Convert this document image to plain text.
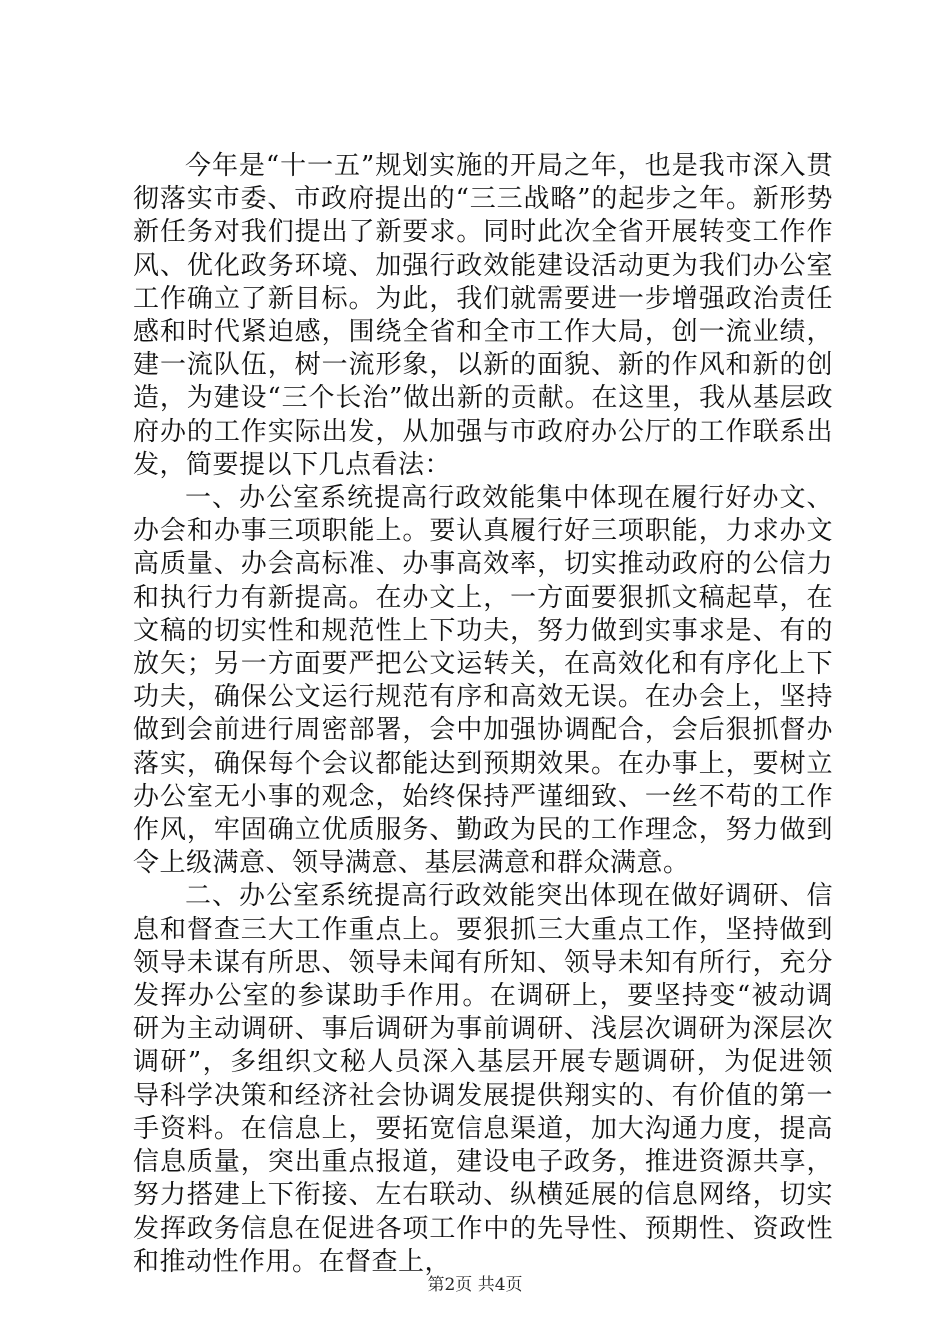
今年是“十一五”规划实施的开局之年，也是我市深入贯彻落实市委、市政府提出的“三三战略”的起步之年。新形势新任务对我们提出了新要求。同时此次全省开展转变工作作风、优化政务环境、加强行政效能建设活动更为我们办公室工作确立了新目标。为此，我们就需要进一步增强政治责任感和时代紧迫感，围绕全省和全市工作大局，创一流业绩，建一流队伍，树一流形象，以新的面貌、新的作风和新的创造，为建设“三个长治”做出新的贡献。在这里，我从基层政府办的工作实际出发，从加强与市政府办公厅的工作联系出发，简要提以下几点看法：

一、办公室系统提高行政效能集中体现在履行好办文、办会和办事三项职能上。要认真履行好三项职能，力求办文高质量、办会高标准、办事高效率，切实推动政府的公信力和执行力有新提高。在办文上，一方面要狠抓文稿起草，在文稿的切实性和规范性上下功夫，努力做到实事求是、有的放矢；另一方面要严把公文运转关，在高效化和有序化上下功夫，确保公文运行规范有序和高效无误。在办会上，坚持做到会前进行周密部署，会中加强协调配合，会后狠抓督办落实，确保每个会议都能达到预期效果。在办事上，要树立办公室无小事的观念，始终保持严谨细致、一丝不苟的工作作风，牢固确立优质服务、勤政为民的工作理念，努力做到令上级满意、领导满意、基层满意和群众满意。

二、办公室系统提高行政效能突出体现在做好调研、信息和督查三大工作重点上。要狠抓三大重点工作，坚持做到领导未谋有所思、领导未闻有所知、领导未知有所行，充分发挥办公室的参谋助手作用。在调研上，要坚持变“被动调研为主动调研、事后调研为事前调研、浅层次调研为深层次调研”，多组织文秘人员深入基层开展专题调研，为促进领导科学决策和经济社会协调发展提供翔实的、有价值的第一手资料。在信息上，要拓宽信息渠道，加大沟通力度，提高信息质量，突出重点报道，建设电子政务，推进资源共享，努力搭建上下衔接、左右联动、纵横延展的信息网络，切实发挥政务信息在促进各项工作中的先导性、预期性、资政性和推动性作用。在督查上，

第2页 共4页
